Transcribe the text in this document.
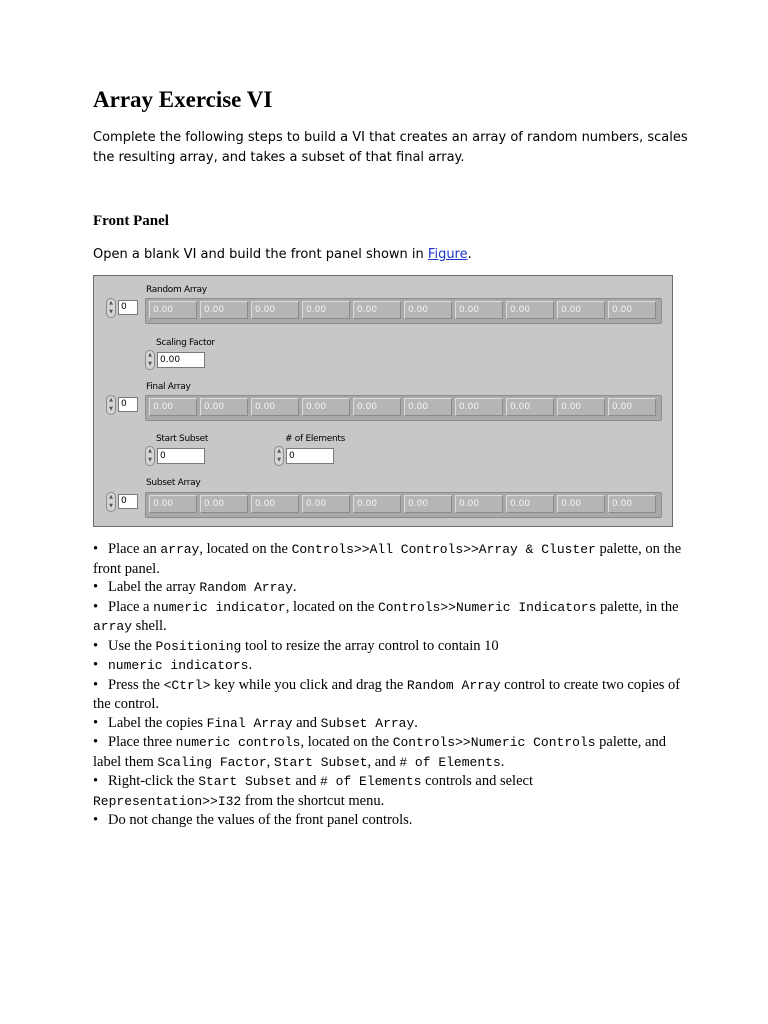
Array Exercise VI

Complete the following steps to build a VI that creates an array of random numbers, scales the resulting array, and takes a subset of that final array.

Front Panel

Open a blank VI and build the front panel shown in Figure.

Random Array
▲
▼ 0	0.00	0.00	0.00	0.00	0.00	0.00	0.00	0.00	0.00	0.00
Scaling Factor
▲
▼ 0.00
Final Array
▲
▼ 0	0.00	0.00	0.00	0.00	0.00	0.00	0.00	0.00	0.00	0.00
Start Subset
▲
▼ 0
# of Elements
▲
▼ 0
Subset Array
▲
▼ 0	0.00	0.00	0.00	0.00	0.00	0.00	0.00	0.00	0.00	0.00
• Place an array, located on the Controls>>All Controls>>Array & Cluster palette, on the front panel.
• Label the array Random Array.
• Place a numeric indicator, located on the Controls>>Numeric Indicators palette, in the array shell.
• Use the Positioning tool to resize the array control to contain 10
• numeric indicators.
• Press the <Ctrl> key while you click and drag the Random Array control to create two copies of the control.
• Label the copies Final Array and Subset Array.
• Place three numeric controls, located on the Controls>>Numeric Controls palette, and label them Scaling Factor, Start Subset, and # of Elements.
• Right-click the Start Subset and # of Elements controls and select Representation>>I32 from the shortcut menu.
• Do not change the values of the front panel controls.
